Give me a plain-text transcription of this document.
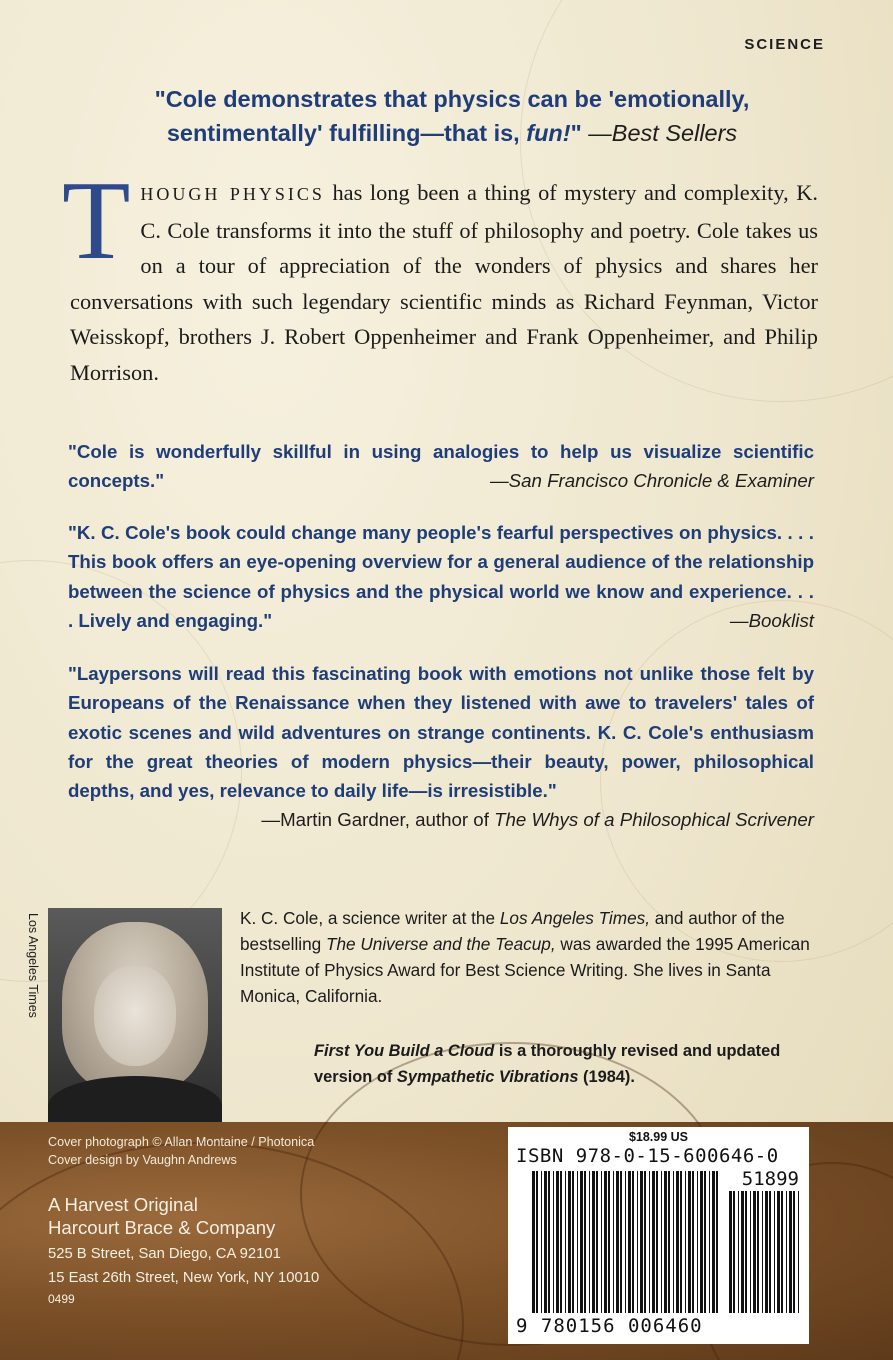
SCIENCE
"Cole demonstrates that physics can be 'emotionally,
sentimentally' fulfilling—that is, fun!" —Best Sellers
THOUGH PHYSICS has long been a thing of mystery and complexity, K. C. Cole transforms it into the stuff of philosophy and poetry. Cole takes us on a tour of appreciation of the wonders of physics and shares her conversations with such legendary scientific minds as Richard Feynman, Victor Weisskopf, brothers J. Robert Oppenheimer and Frank Oppenheimer, and Philip Morrison.
"Cole is wonderfully skillful in using analogies to help us visualize scientific concepts."	—San Francisco Chronicle & Examiner
"K. C. Cole's book could change many people's fearful perspectives on physics. . . . This book offers an eye-opening overview for a general audience of the relationship between the science of physics and the physical world we know and experience. . . . Lively and engaging."	—Booklist
"Laypersons will read this fascinating book with emotions not unlike those felt by Europeans of the Renaissance when they listened with awe to travelers' tales of exotic scenes and wild adventures on strange continents. K. C. Cole's enthusiasm for the great theories of modern physics—their beauty, power, philosophical depths, and yes, relevance to daily life—is irresistible."
—Martin Gardner, author of The Whys of a Philosophical Scrivener
Los Angeles Times	K. C. Cole, a science writer at the Los Angeles Times, and author of the bestselling The Universe and the Teacup, was awarded the 1995 American Institute of Physics Award for Best Science Writing. She lives in Santa Monica, California.
First You Build a Cloud is a thoroughly revised and updated version of Sympathetic Vibrations (1984).
Cover photograph © Allan Montaine / Photonica
Cover design by Vaughn Andrews
A Harvest Original
Harcourt Brace & Company
525 B Street, San Diego, CA 92101
15 East 26th Street, New York, NY 10010
0499
$18.99 US
ISBN 978-0-15-600646-0
51899
9 780156 006460
